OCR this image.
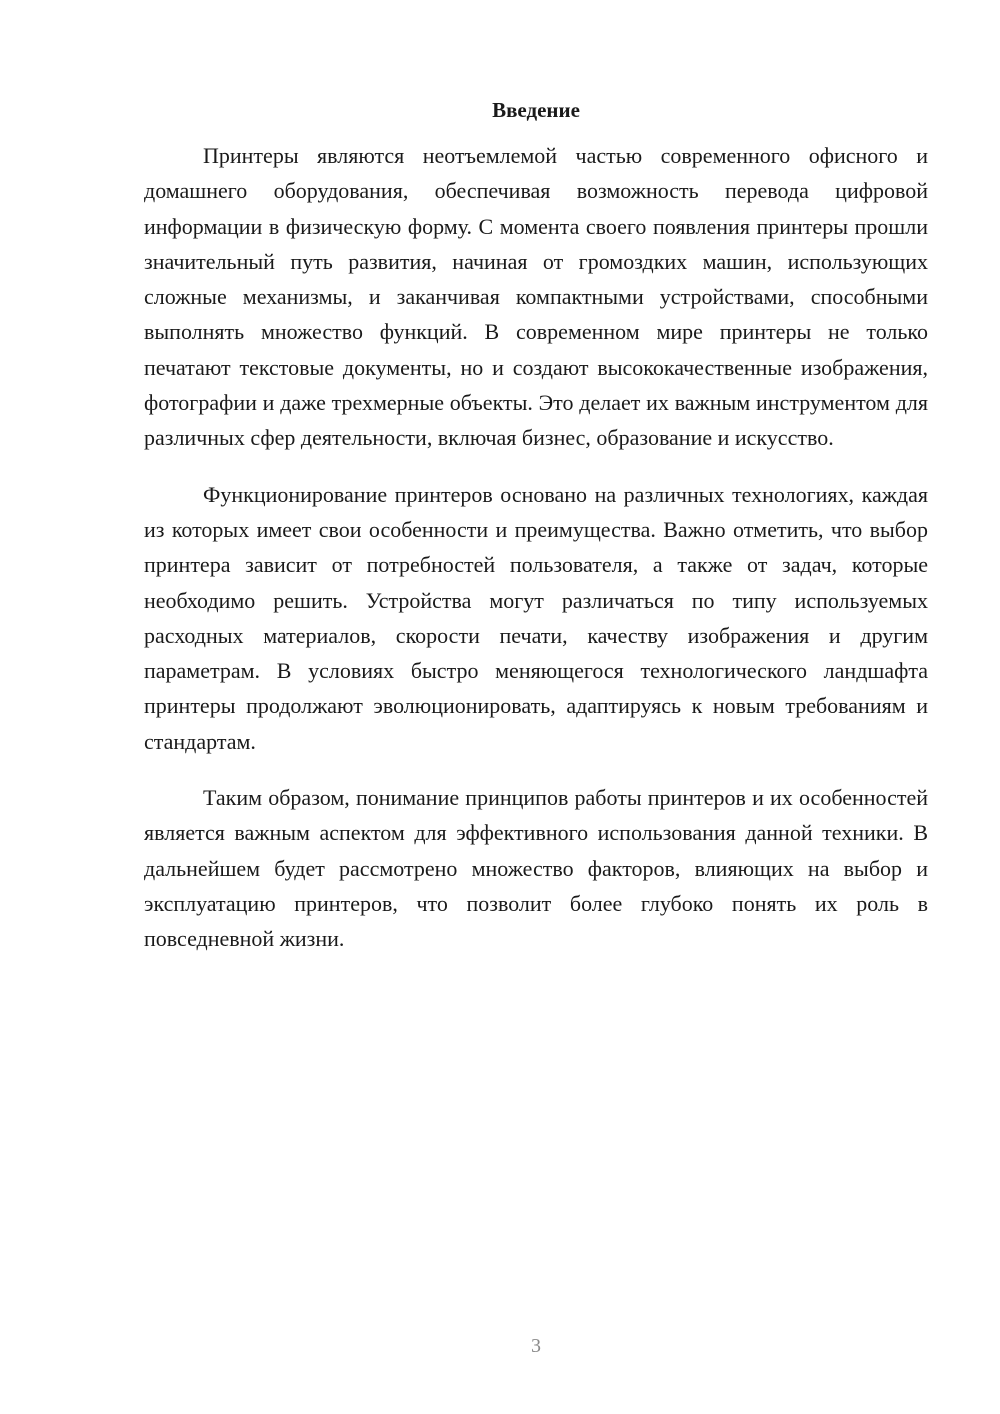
Введение

Принтеры являются неотъемлемой частью современного офисного и домашнего оборудования, обеспечивая возможность перевода цифровой информации в физическую форму. С момента своего появления принтеры прошли значительный путь развития, начиная от громоздких машин, использующих сложные механизмы, и заканчивая компактными устройствами, способными выполнять множество функций. В современном мире принтеры не только печатают текстовые документы, но и создают высококачественные изображения, фотографии и даже трехмерные объекты. Это делает их важным инструментом для различных сфер деятельности, включая бизнес, образование и искусство.

Функционирование принтеров основано на различных технологиях, каждая из которых имеет свои особенности и преимущества. Важно отметить, что выбор принтера зависит от потребностей пользователя, а также от задач, которые необходимо решить. Устройства могут различаться по типу используемых расходных материалов, скорости печати, качеству изображения и другим параметрам. В условиях быстро меняющегося технологического ландшафта принтеры продолжают эволюционировать, адаптируясь к новым требованиям и стандартам.

Таким образом, понимание принципов работы принтеров и их особенностей является важным аспектом для эффективного использования данной техники. В дальнейшем будет рассмотрено множество факторов, влияющих на выбор и эксплуатацию принтеров, что позволит более глубоко понять их роль в повседневной жизни.

3
